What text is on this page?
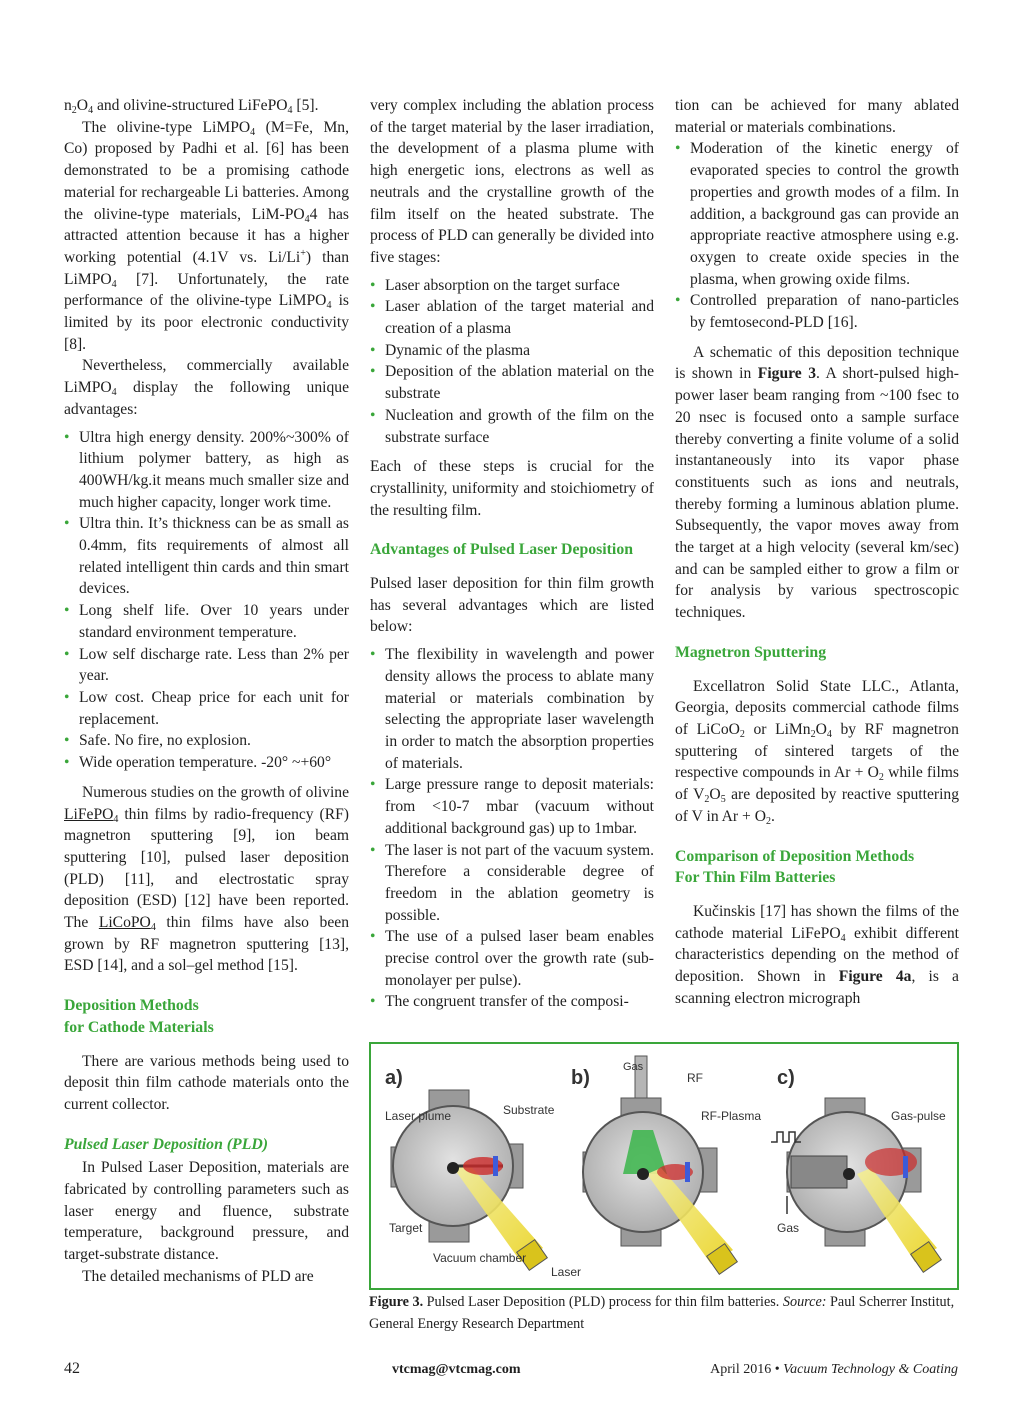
$n_2O_4$ and olivine-structured LiFePO$_4$ [5].

The olivine-type LiMPO$_4$ (M=Fe, Mn, Co) proposed by Padhi et al. [6] has been demonstrated to be a promising cathode material for rechargeable Li batteries. Among the olivine-type materials, LiM-$PO_44$ has attracted attention because it has a higher working potential (4.1V vs. Li/Li+) than LiMPO$_4$ [7]. Unfortunately, the rate performance of the olivine-type LiMPO$_4$ is limited by its poor electronic conductivity [8].

Nevertheless, commercially available LiMPO$_4$ display the following unique advantages:

• Ultra high energy density. 200%~300% of lithium polymer battery, as high as 400WH/kg.it means much smaller size and much higher capacity, longer work time.
• Ultra thin. It’s thickness can be as small as 0.4mm, fits requirements of almost all related intelligent thin cards and thin smart devices.
• Long shelf life. Over 10 years under standard environment temperature.
• Low self discharge rate. Less than 2% per year.
• Low cost. Cheap price for each unit for replacement.
• Safe. No fire, no explosion.
• Wide operation temperature. -20° ~+60°

Numerous studies on the growth of olivine LiFePO$_4$ thin films by radio-frequency (RF) magnetron sputtering [9], ion beam sputtering [10], pulsed laser deposition (PLD) [11], and electrostatic spray deposition (ESD) [12] have been reported. The LiCoPO$_4$ thin films have also been grown by RF magnetron sputtering [13], ESD [14], and a sol–gel method [15].

Deposition Methods
for Cathode Materials

There are various methods being used to deposit thin film cathode materials onto the current collector.

Pulsed Laser Deposition (PLD)

In Pulsed Laser Deposition, materials are fabricated by controlling parameters such as laser energy and fluence, substrate temperature, background pressure, and target-substrate distance.

The detailed mechanisms of PLD are

very complex including the ablation process of the target material by the laser irradiation, the development of a plasma plume with high energetic ions, electrons as well as neutrals and the crystalline growth of the film itself on the heated substrate. The process of PLD can generally be divided into five stages:

• Laser absorption on the target surface
• Laser ablation of the target material and creation of a plasma
• Dynamic of the plasma
• Deposition of the ablation material on the substrate
• Nucleation and growth of the film on the substrate surface

Each of these steps is crucial for the crystallinity, uniformity and stoichiometry of the resulting film.

Advantages of Pulsed Laser Deposition

Pulsed laser deposition for thin film growth has several advantages which are listed below:

• The flexibility in wavelength and power density allows the process to ablate many material or materials combination by selecting the appropriate laser wavelength in order to match the absorption properties of materials.
• Large pressure range to deposit materials: from <10-7 mbar (vacuum without additional background gas) up to 1mbar.
• The laser is not part of the vacuum system. Therefore a considerable degree of freedom in the ablation geometry is possible.
• The use of a pulsed laser beam enables precise control over the growth rate (sub-monolayer per pulse).
• The congruent transfer of the composi-

tion can be achieved for many ablated material or materials combinations.

• Moderation of the kinetic energy of evaporated species to control the growth properties and growth modes of a film. In addition, a background gas can provide an appropriate reactive atmosphere using e.g. oxygen to create oxide species in the plasma, when growing oxide films.
• Controlled preparation of nano-particles by femtosecond-PLD [16].

A schematic of this deposition technique is shown in Figure 3. A short-pulsed high-power laser beam ranging from ~100 fsec to 20 nsec is focused onto a sample surface thereby converting a finite volume of a solid instantaneously into its vapor phase constituents such as ions and neutrals, thereby forming a luminous ablation plume. Subsequently, the vapor moves away from the target at a high velocity (several km/sec) and can be sampled either to grow a film or for analysis by various spectroscopic techniques.

Magnetron Sputtering

Excellatron Solid State LLC., Atlanta, Georgia, deposits commercial cathode films of LiCoO$_2$ or $LiMn_2O_4$ by RF magnetron sputtering of sintered targets of the respective compounds in $Ar + O_2$ while films of $V_2O_5$ are deposited by reactive sputtering of V in $Ar + O_2$.

Comparison of Deposition Methods
For Thin Film Batteries

Kučinskis [17] has shown the films of the cathode material LiFePO$_4$ exhibit different characteristics depending on the method of deposition. Shown in Figure 4a, is a scanning electron micrograph

a)	b)	c)
Laser plume	Substrate
Target
Vacuum chamber
Laser
Gas
RF
RF-Plasma	Gas-pulse
Gas
Figure 3. Pulsed Laser Deposition (PLD) process for thin film batteries. Source: Paul Scherrer Institut, General Energy Research Department
42	vtcmag@vtcmag.com	April 2016 • Vacuum Technology & Coating
